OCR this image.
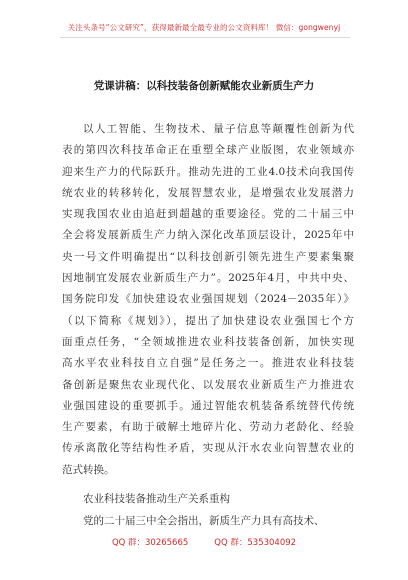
关注头条号“公文研究”，获得最新最全最专业的公文资料库！ 微信：gongwenyj
党课讲稿：以科技装备创新赋能农业新质生产力
以人工智能、生物技术、量子信息等颠覆性创新为代
表的第四次科技革命正在重塑全球产业版图，农业领域亦
迎来生产力的代际跃升。推动先进的工业4.0技术向我国传
统农业的转移转化，发展智慧农业，是增强农业发展潜力
实现我国农业由追赶到超越的重要途径。党的二十届三中
全会将发展新质生产力纳入深化改革顶层设计，2025年中
央一号文件明确提出“以科技创新引领先进生产要素集聚
因地制宜发展农业新质生产力”。2025年4月，中共中央、
国务院印发《加快建设农业强国规划（2024－2035年）》
（以下简称《规划》），提出了加快建设农业强国七个方
面重点任务，“全领域推进农业科技装备创新，加快实现
高水平农业科技自立自强”是任务之一。推进农业科技装
备创新是聚焦农业现代化、以发展农业新质生产力推进农
业强国建设的重要抓手。通过智能农机装备系统替代传统
生产要素，有助于破解土地碎片化、劳动力老龄化、经验
传承离散化等结构性矛盾，实现从汗水农业向智慧农业的
范式转换。
农业科技装备推动生产关系重构
党的二十届三中全会指出，新质生产力具有高技术、
QQ 群：30265665	QQ 群：535304092
